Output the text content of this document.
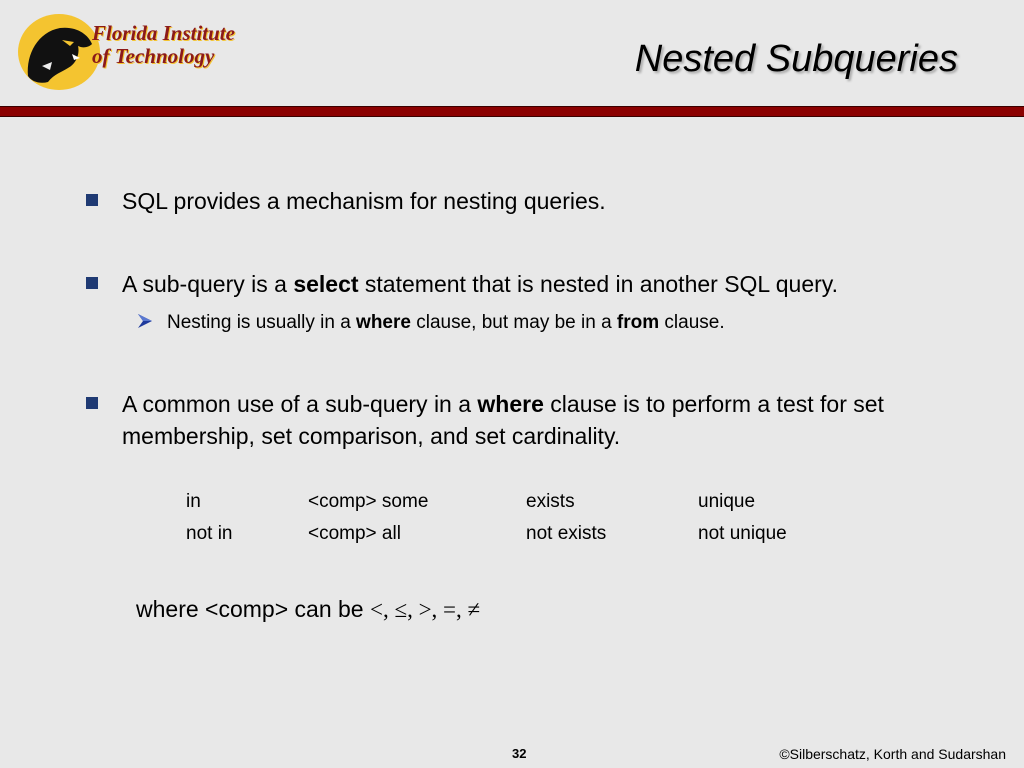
Florida Institute
of Technology	Nested Subqueries
SQL provides a mechanism for nesting queries.
A sub-query is a select statement that is nested in another SQL query.
Nesting is usually in a where clause, but may be in a from clause.
A common use of a sub-query in a where clause is to perform a test for set membership, set comparison, and set cardinality.
in	<comp> some	exists	unique
not in	<comp> all	not exists	not unique
where <comp> can be <, ≤, >, =, ≠
32	©Silberschatz, Korth and Sudarshan
